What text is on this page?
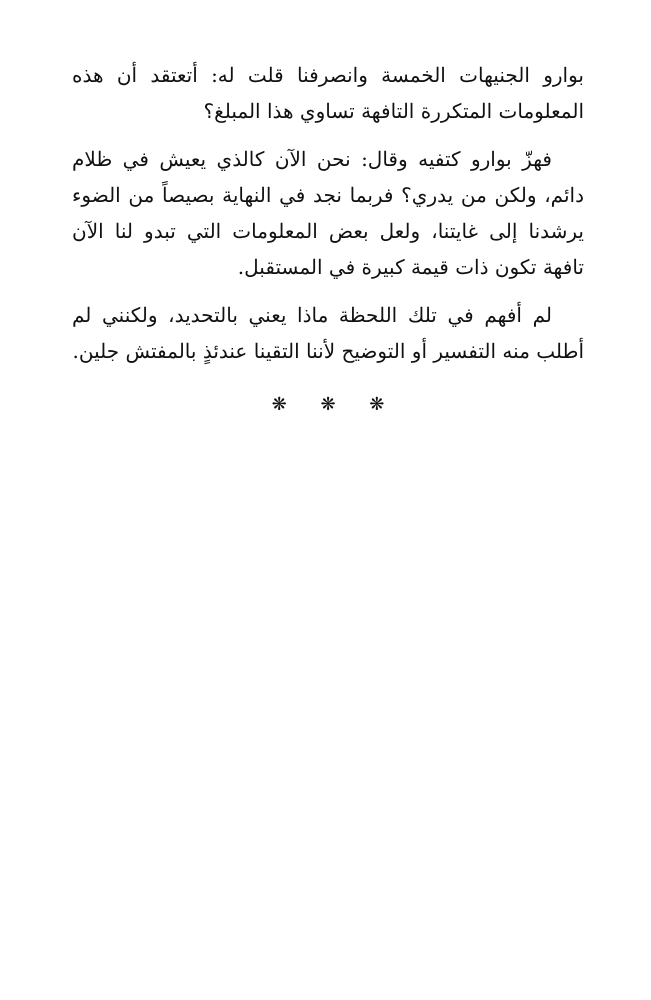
بوارو الجنيهات الخمسة وانصرفنا قلت له: أتعتقد أن هذه المعلومات المتكررة التافهة تساوي هذا المبلغ؟

فهزّ بوارو كتفيه وقال: نحن الآن كالذي يعيش في ظلام دائم، ولكن من يدري؟ فربما نجد في النهاية بصيصاً من الضوء يرشدنا إلى غايتنا، ولعل بعض المعلومات التي تبدو لنا الآن تافهة تكون ذات قيمة كبيرة في المستقبل.

لم أفهم في تلك اللحظة ماذا يعني بالتحديد، ولكنني لم أطلب منه التفسير أو التوضيح لأننا التقينا عندئذٍ بالمفتش جلين.

❋ ❋ ❋
